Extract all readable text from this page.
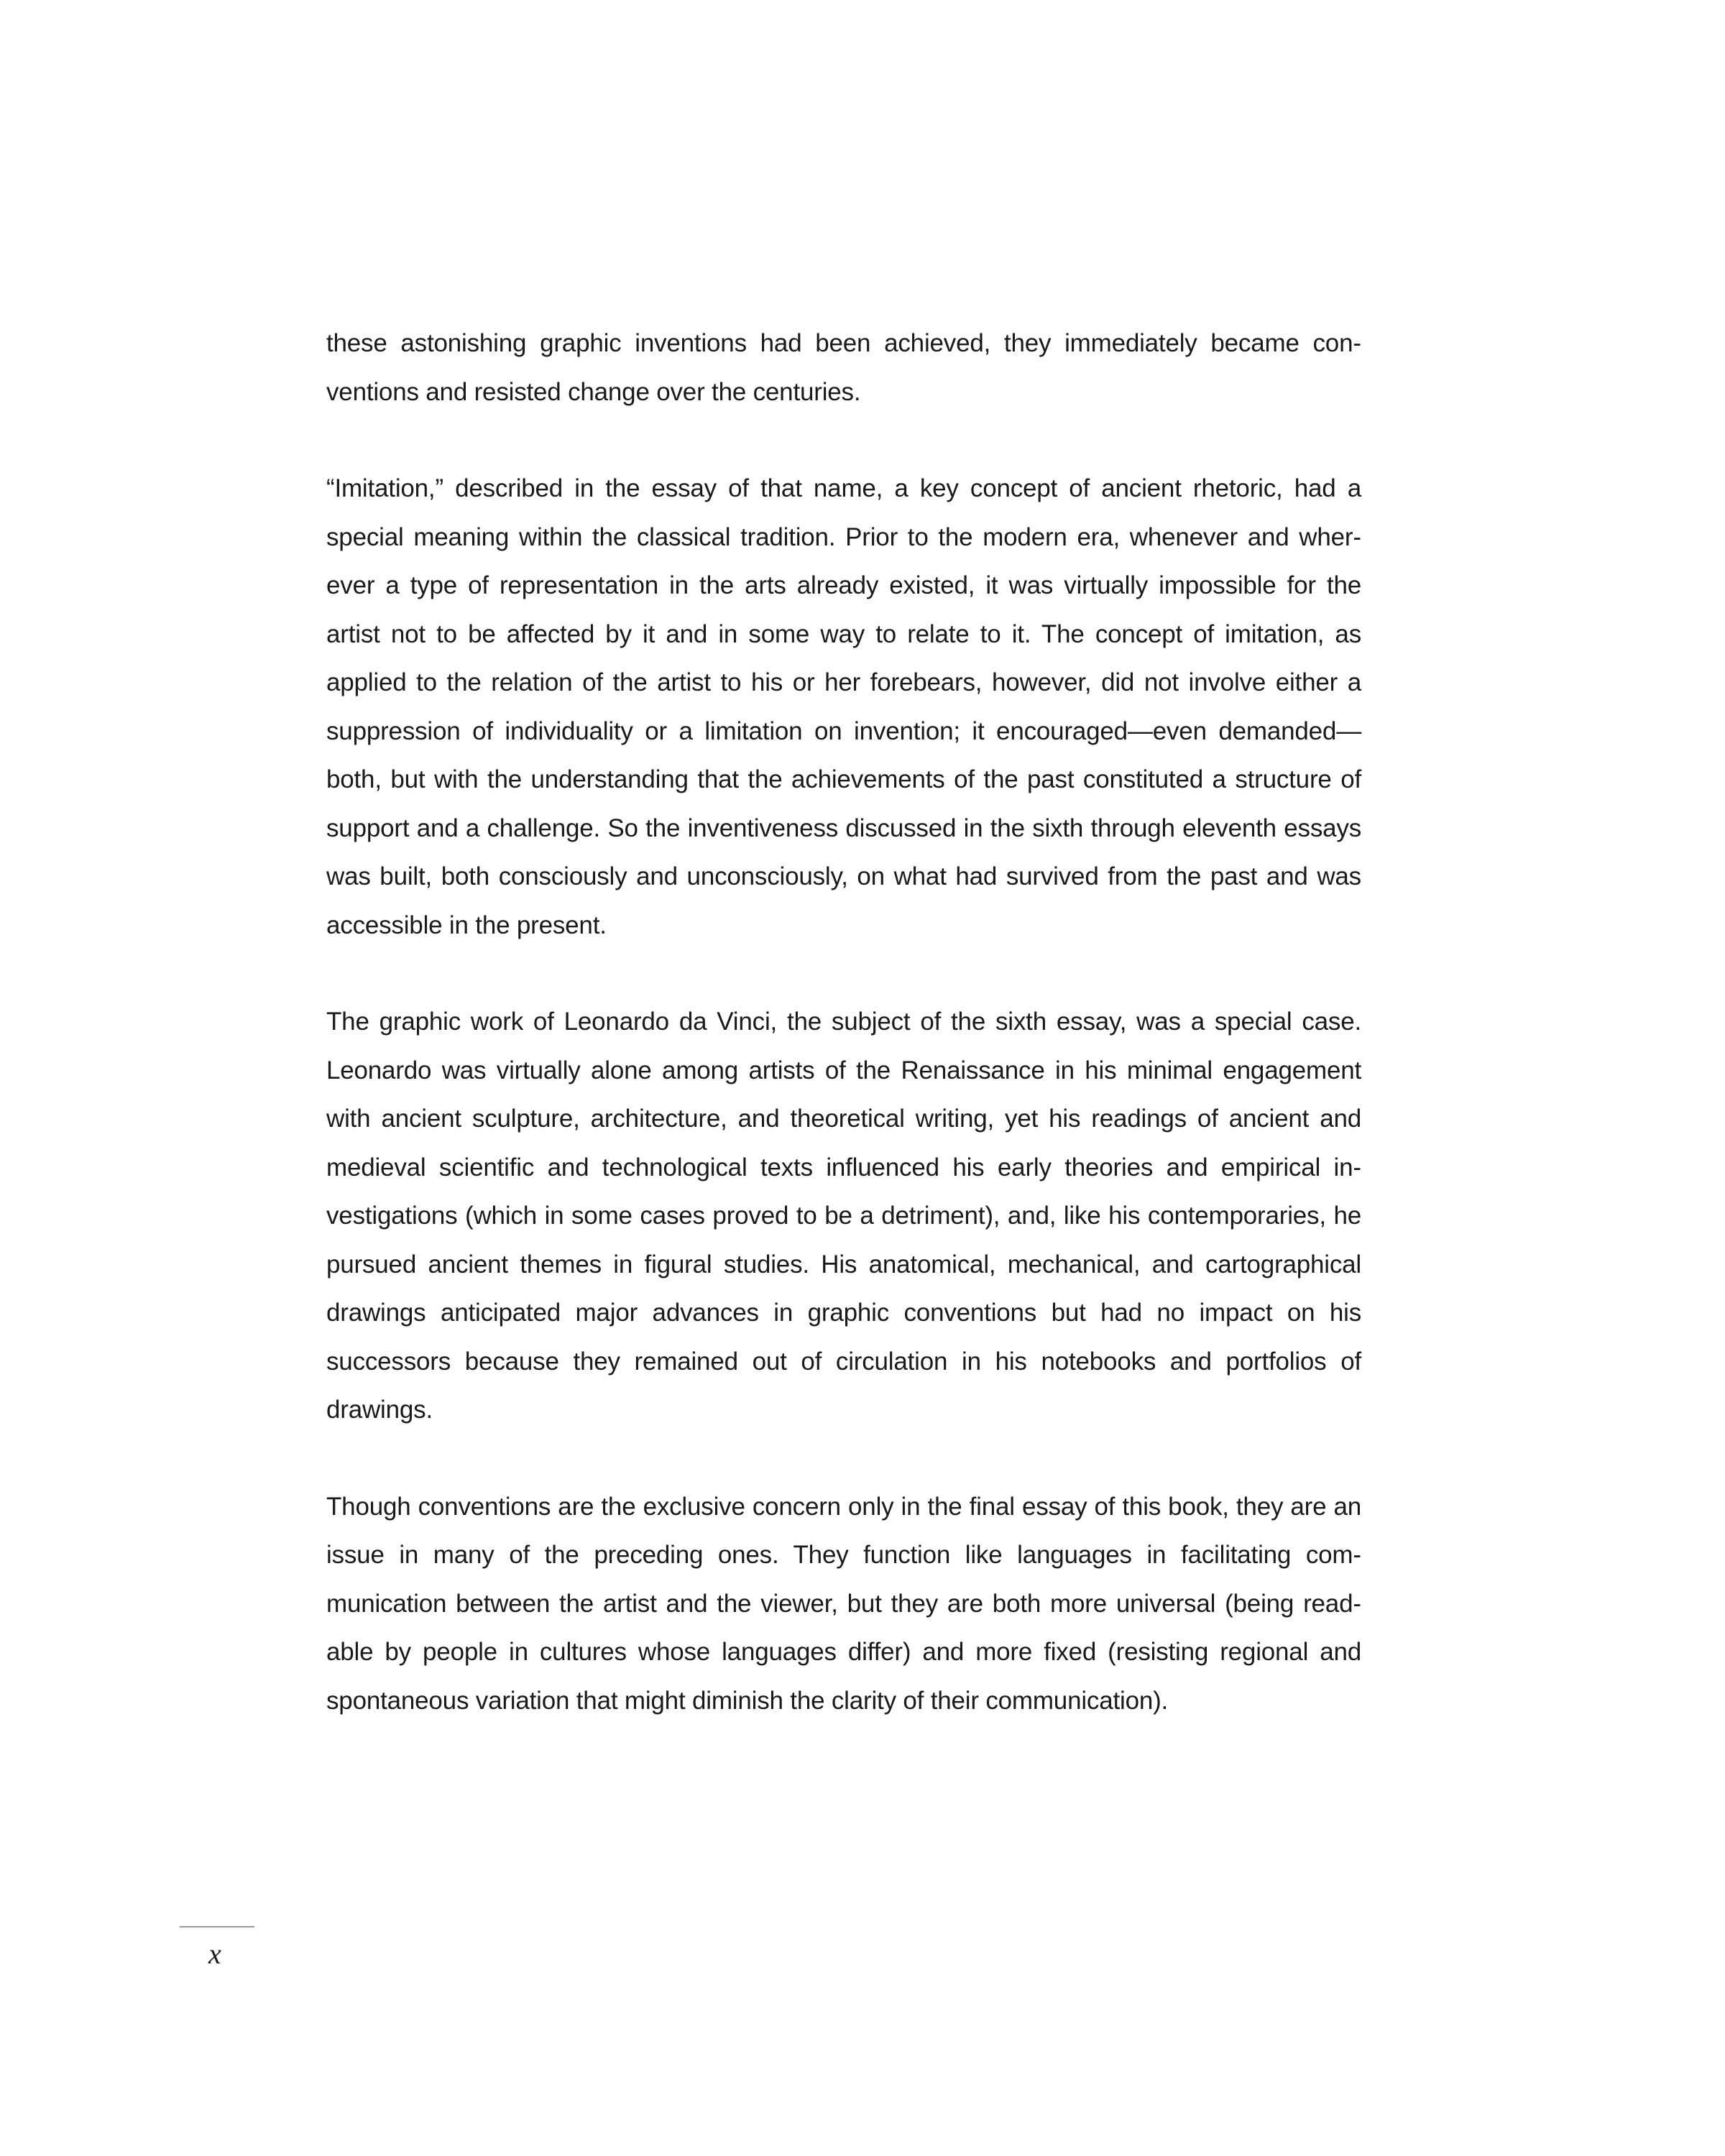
these astonishing graphic inventions had been achieved, they immediately became conventions and resisted change over the centuries.

“Imitation,” described in the essay of that name, a key concept of ancient rhetoric, had a special meaning within the classical tradition. Prior to the modern era, whenever and wherever a type of representation in the arts already existed, it was virtually impossible for the artist not to be affected by it and in some way to relate to it. The concept of imitation, as applied to the relation of the artist to his or her forebears, however, did not involve either a suppression of individuality or a limitation on invention; it encouraged—even demanded—both, but with the understanding that the achievements of the past constituted a structure of support and a challenge. So the inventiveness discussed in the sixth through eleventh essays was built, both consciously and unconsciously, on what had survived from the past and was accessible in the present.

The graphic work of Leonardo da Vinci, the subject of the sixth essay, was a special case. Leonardo was virtually alone among artists of the Renaissance in his minimal engagement with ancient sculpture, architecture, and theoretical writing, yet his readings of ancient and medieval scientific and technological texts influenced his early theories and empirical investigations (which in some cases proved to be a detriment), and, like his contemporaries, he pursued ancient themes in figural studies. His anatomical, mechanical, and cartographical drawings anticipated major advances in graphic conventions but had no impact on his successors because they remained out of circulation in his notebooks and portfolios of drawings.

Though conventions are the exclusive concern only in the final essay of this book, they are an issue in many of the preceding ones. They function like languages in facilitating communication between the artist and the viewer, but they are both more universal (being readable by people in cultures whose languages differ) and more fixed (resisting regional and spontaneous variation that might diminish the clarity of their communication).

x
